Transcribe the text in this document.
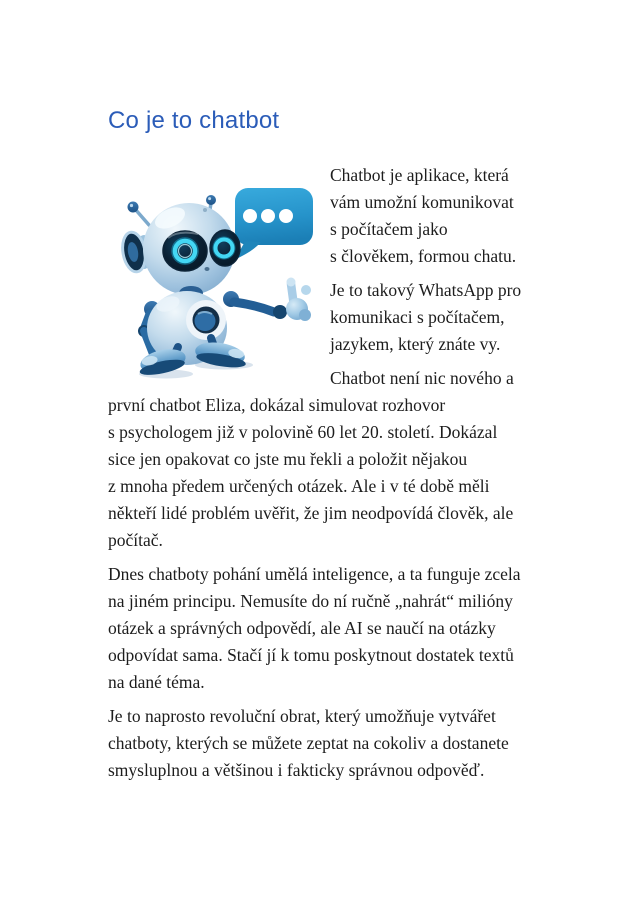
Co je to chatbot

Chatbot je aplikace, která vám umožní komunikovat s počítačem jako s člověkem, formou chatu.

Je to takový WhatsApp pro komunikaci s počítačem, jazykem, který znáte vy.

Chatbot není nic nového a první chatbot Eliza, dokázal simulovat rozhovor s psychologem již v polovině 60 let 20. století. Dokázal sice jen opakovat co jste mu řekli a položit nějakou z mnoha předem určených otázek. Ale i v té době měli někteří lidé problém uvěřit, že jim neodpovídá člověk, ale počítač.

Dnes chatboty pohání umělá inteligence, a ta funguje zcela na jiném principu. Nemusíte do ní ručně „nahrát“ milióny otázek a správných odpovědí, ale AI se naučí na otázky odpovídat sama. Stačí jí k tomu poskytnout dostatek textů na dané téma.

Je to naprosto revoluční obrat, který umožňuje vytvářet chatboty, kterých se můžete zeptat na cokoliv a dostanete smysluplnou a většinou i fakticky správnou odpověď.
